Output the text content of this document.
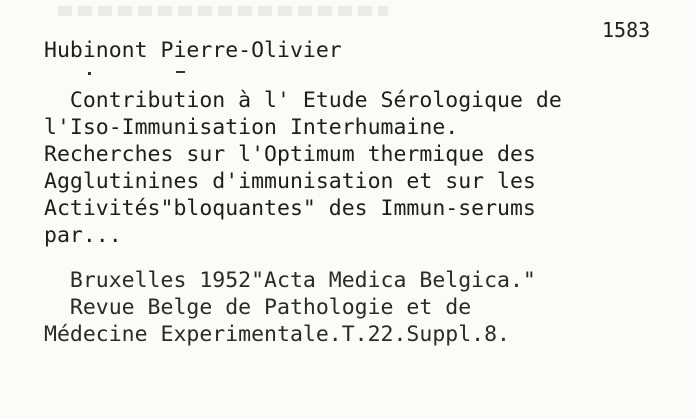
1583
Hubinont Pierre-Olivier
Contribution à l' Etude Sérologique de
l'Iso-Immunisation Interhumaine.
Recherches sur l'Optimum thermique des
Agglutinines d'immunisation et sur les
Activités"bloquantes" des Immun-serums
par...
Bruxelles 1952"Acta Medica Belgica."
Revue Belge de Pathologie et de
Médecine Experimentale.T.22.Suppl.8.
